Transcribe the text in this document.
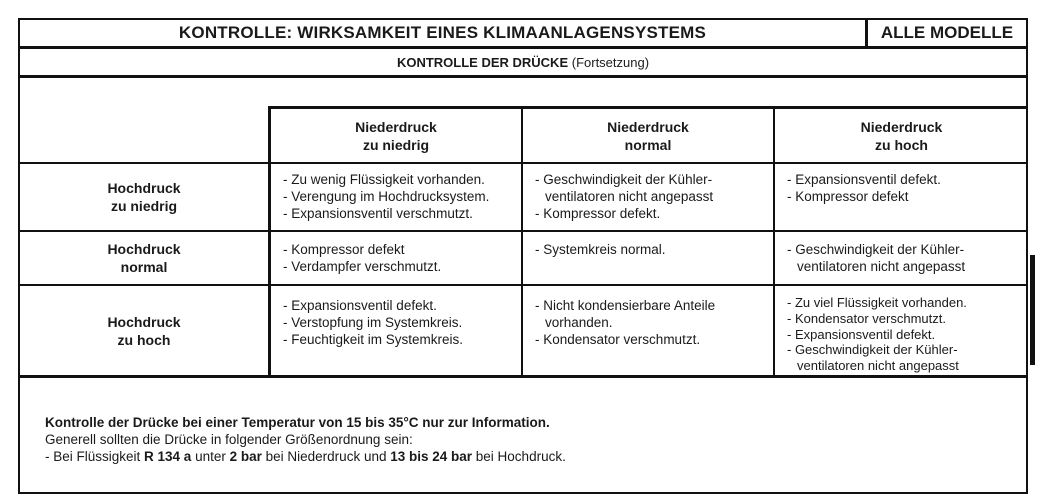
KONTROLLE: WIRKSAMKEIT EINES KLIMAANLAGENSYSTEMS	ALLE MODELLE
KONTROLLE DER DRÜCKE (Fortsetzung)
Niederdruck
zu niedrig
Niederdruck
normal
Niederdruck
zu hoch
Hochdruck
zu niedrig
Hochdruck
normal
Hochdruck
zu hoch
- Zu wenig Flüssigkeit vorhanden.
- Verengung im Hochdrucksystem.
- Expansionsventil verschmutzt.
- Geschwindigkeit der Kühler-ventilatoren nicht angepasst
- Kompressor defekt.
- Expansionsventil defekt.
- Kompressor defekt
- Kompressor defekt
- Verdampfer verschmutzt.
- Systemkreis normal.	- Geschwindigkeit der Kühler-ventilatoren nicht angepasst
- Expansionsventil defekt.
- Verstopfung im Systemkreis.
- Feuchtigkeit im Systemkreis.
- Nicht kondensierbare Anteile vorhanden.
- Kondensator verschmutzt.
- Zu viel Flüssigkeit vorhanden.
- Kondensator verschmutzt.
- Expansionsventil defekt.
- Geschwindigkeit der Kühler-ventilatoren nicht angepasst
Kontrolle der Drücke bei einer Temperatur von 15 bis 35°C nur zur Information.
Generell sollten die Drücke in folgender Größenordnung sein:
- Bei Flüssigkeit R 134 a unter 2 bar bei Niederdruck und 13 bis 24 bar bei Hochdruck.
